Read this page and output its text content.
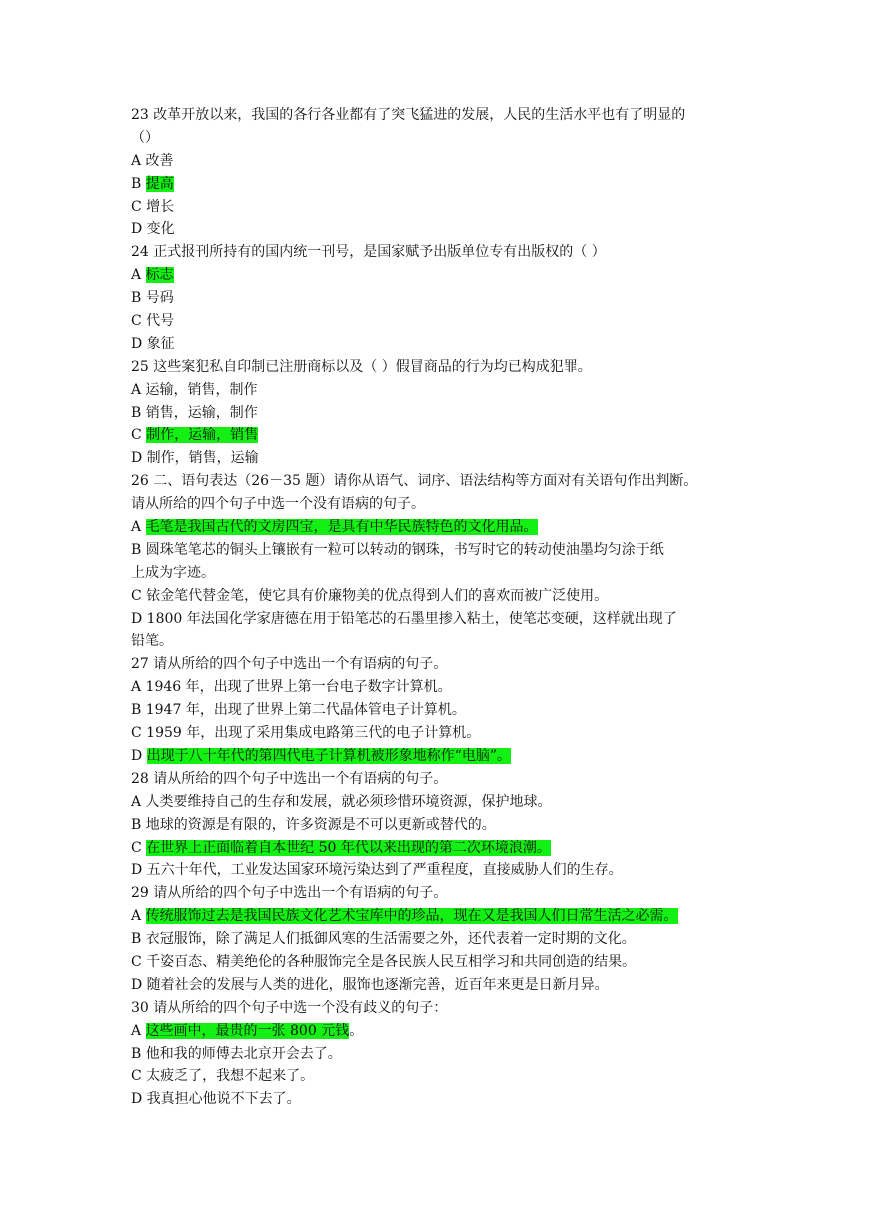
23 改革开放以来，我国的各行各业都有了突飞猛进的发展，人民的生活水平也有了明显的
（）
A 改善
B 提高
C 增长
D 变化
24 正式报刊所持有的国内统一刊号，是国家赋予出版单位专有出版权的（ ）
A 标志
B 号码
C 代号
D 象征
25 这些案犯私自印制已注册商标以及（ ）假冒商品的行为均已构成犯罪。
A 运输，销售，制作
B 销售，运输，制作
C 制作，运输，销售
D 制作，销售，运输
26 二、语句表达（26－35 题）请你从语气、词序、语法结构等方面对有关语句作出判断。
请从所给的四个句子中选一个没有语病的句子。
A 毛笔是我国古代的文房四宝，是具有中华民族特色的文化用品。
B 圆珠笔笔芯的铜头上镶嵌有一粒可以转动的钢珠，书写时它的转动使油墨均匀涂于纸
上成为字迹。
C 铱金笔代替金笔，使它具有价廉物美的优点得到人们的喜欢而被广泛使用。
D 1800 年法国化学家唐德在用于铅笔芯的石墨里掺入粘土，使笔芯变硬，这样就出现了
铅笔。
27 请从所给的四个句子中选出一个有语病的句子。
A 1946 年，出现了世界上第一台电子数字计算机。
B 1947 年，出现了世界上第二代晶体管电子计算机。
C 1959 年，出现了采用集成电路第三代的电子计算机。
D 出现于八十年代的第四代电子计算机被形象地称作“电脑”。
28 请从所给的四个句子中选出一个有语病的句子。
A 人类要维持自己的生存和发展，就必须珍惜环境资源，保护地球。
B 地球的资源是有限的，许多资源是不可以更新或替代的。
C 在世界上正面临着自本世纪 50 年代以来出现的第二次环境浪潮。
D 五六十年代，工业发达国家环境污染达到了严重程度，直接威胁人们的生存。
29 请从所给的四个句子中选出一个有语病的句子。
A 传统服饰过去是我国民族文化艺术宝库中的珍品，现在又是我国人们日常生活之必需。
B 衣冠服饰，除了满足人们抵御风寒的生活需要之外，还代表着一定时期的文化。
C 千姿百态、精美绝伦的各种服饰完全是各民族人民互相学习和共同创造的结果。
D 随着社会的发展与人类的进化，服饰也逐渐完善，近百年来更是日新月异。
30 请从所给的四个句子中选一个没有歧义的句子：
A 这些画中，最贵的一张 800 元钱。
B 他和我的师傅去北京开会去了。
C 太疲乏了，我想不起来了。
D 我真担心他说不下去了。
